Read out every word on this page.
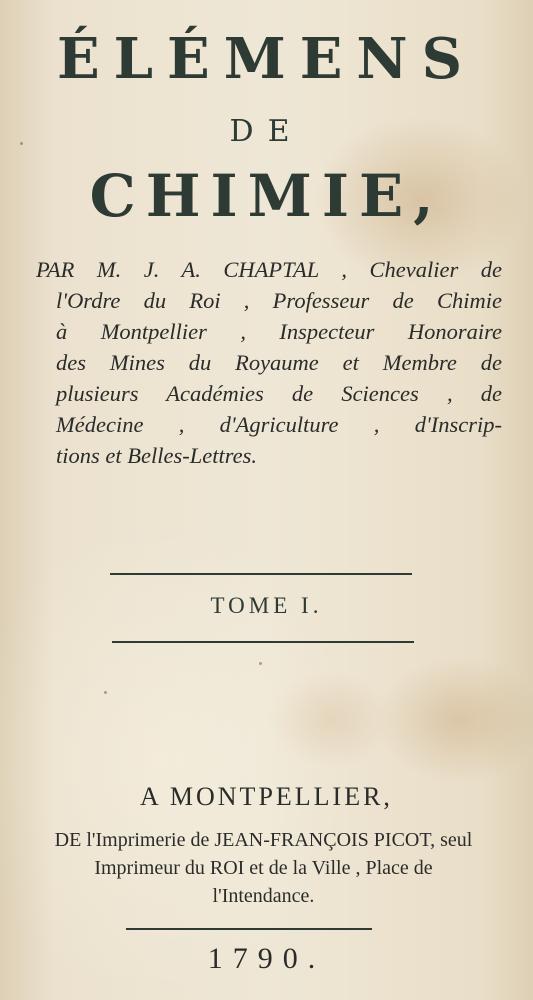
ÉLÉMENS
DE
CHIMIE,
PAR M. J. A. CHAPTAL , Chevalier de
l'Ordre du Roi , Professeur de Chimie
à Montpellier , Inspecteur Honoraire
des Mines du Royaume et Membre de
plusieurs Académies de Sciences , de
Médecine , d'Agriculture , d'Inscrip-
tions et Belles-Lettres.
TOME I.
A MONTPELLIER,
DE l'Imprimerie de JEAN-FRANÇOIS PICOT, seul
Imprimeur du ROI et de la Ville , Place de
l'Intendance.
1790.
